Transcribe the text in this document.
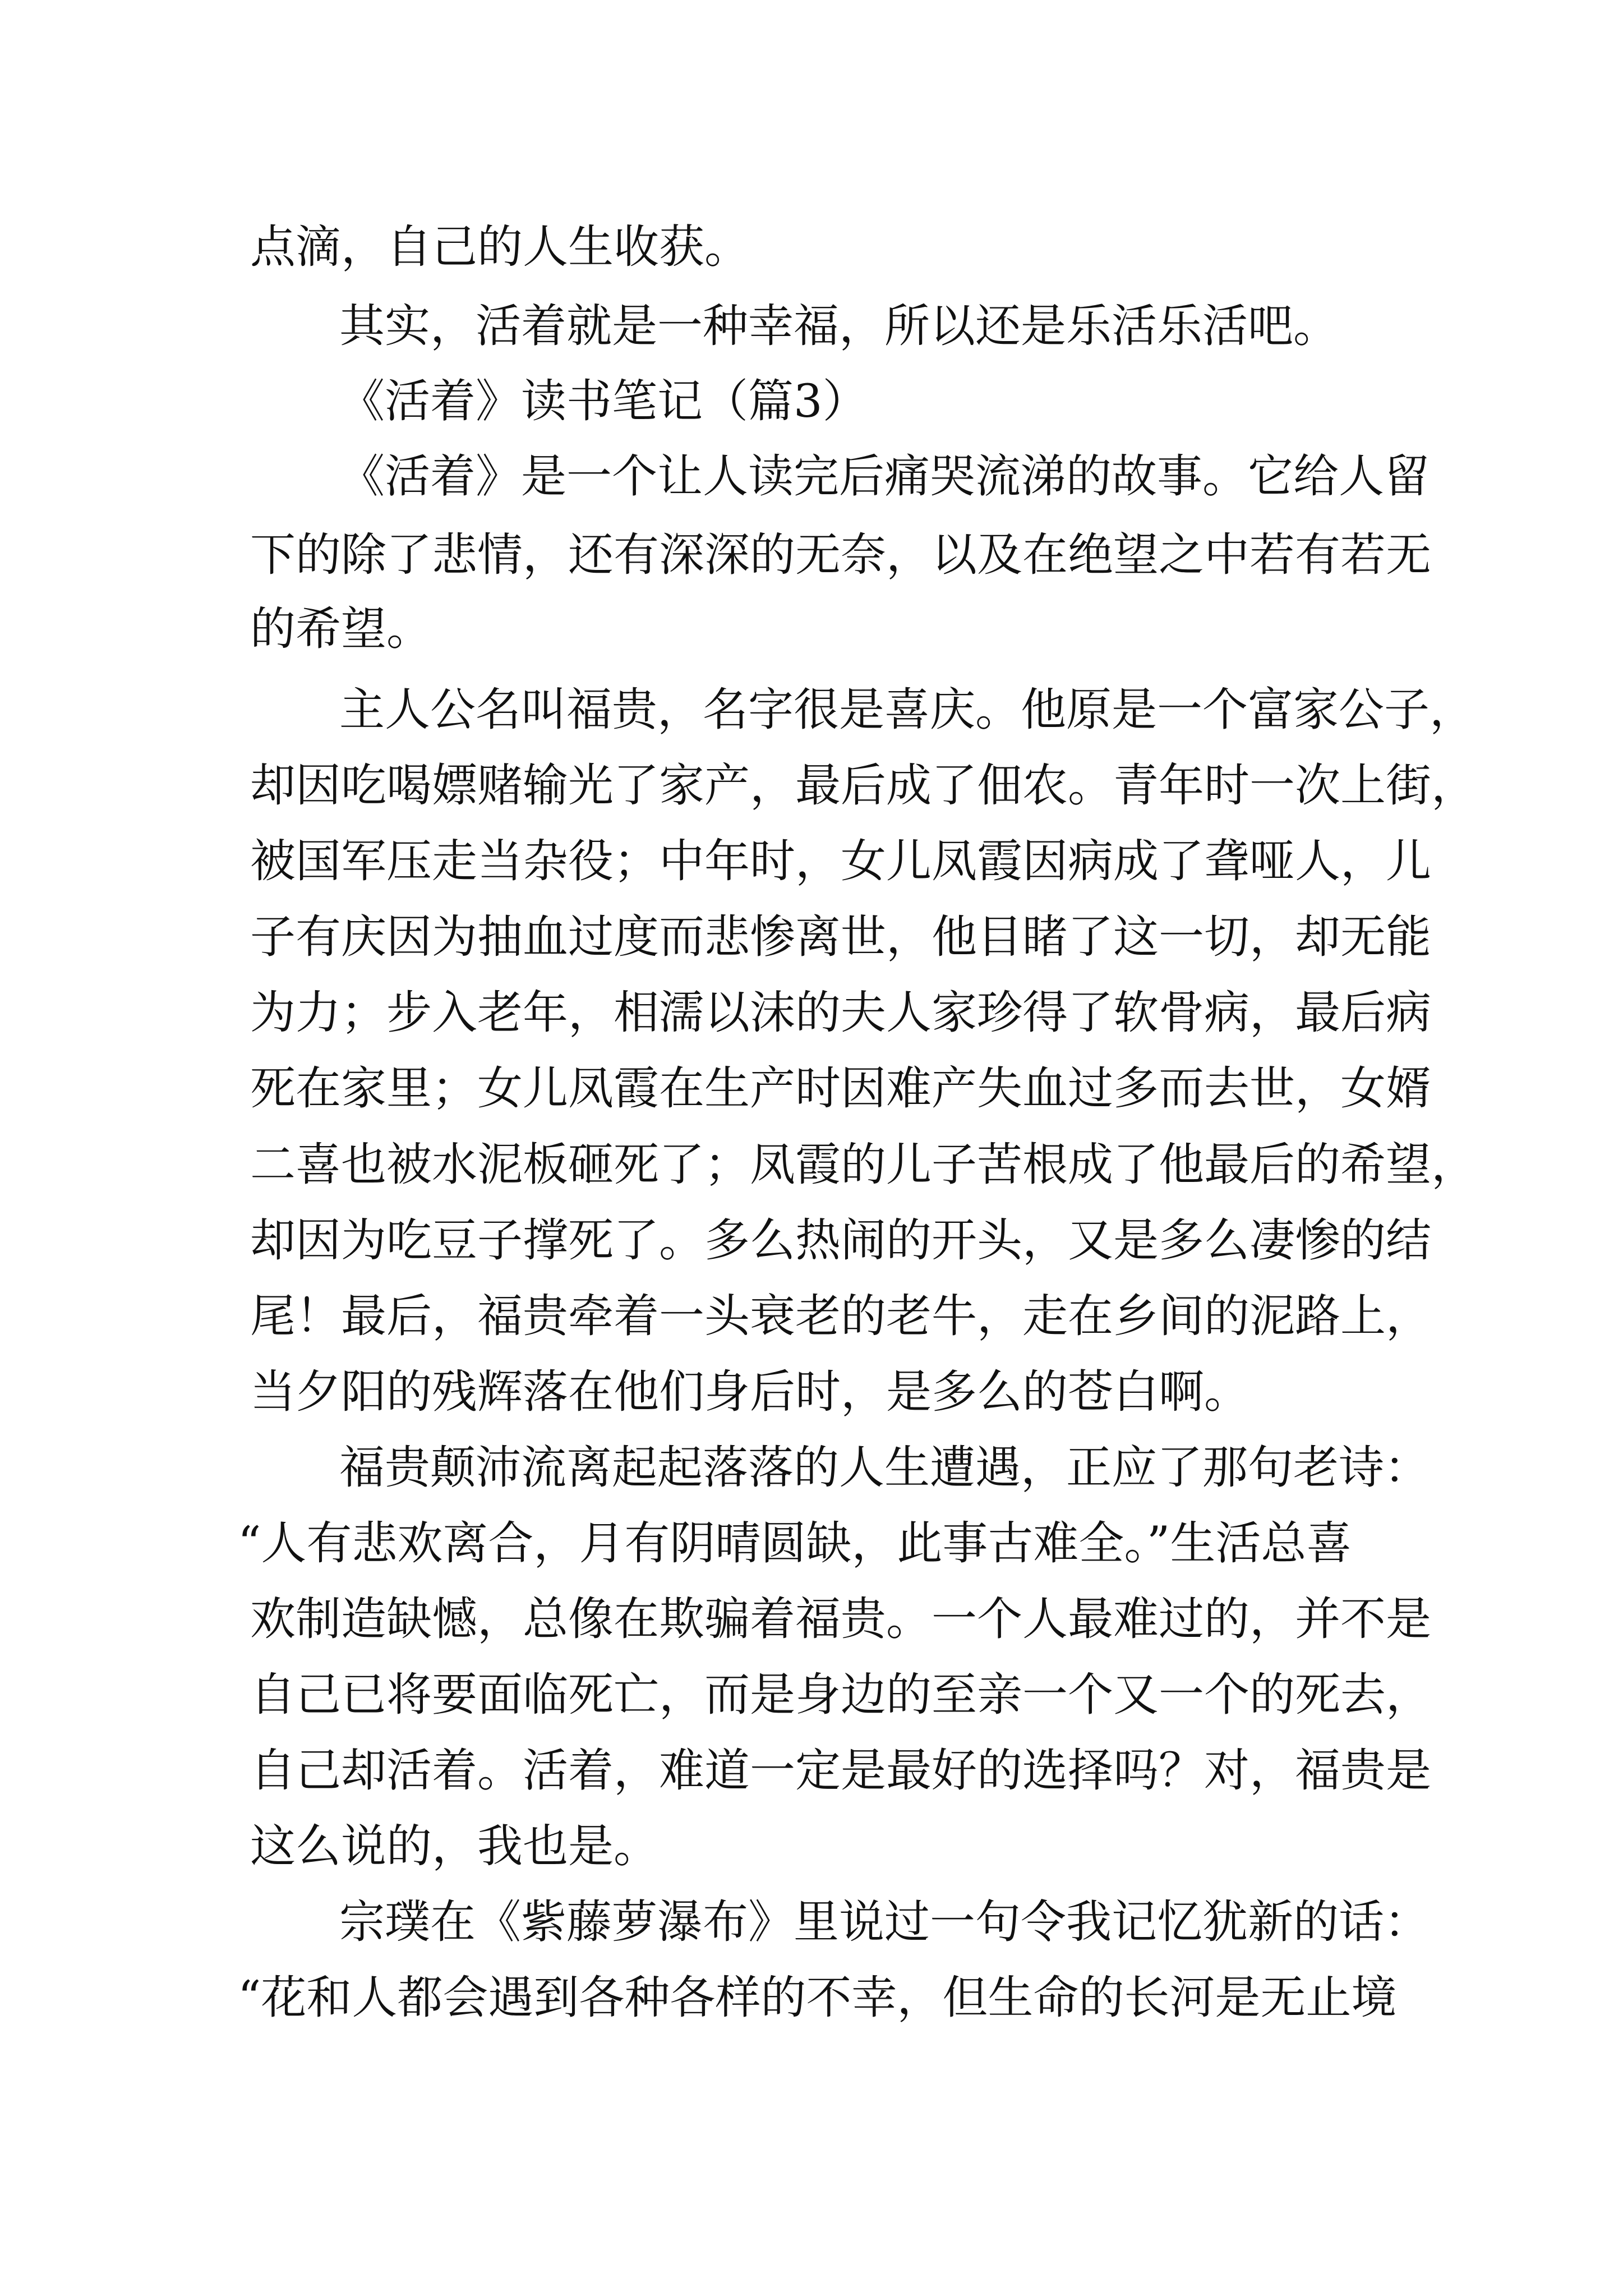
点滴，自己的人生收获。
其实，活着就是一种幸福，所以还是乐活乐活吧。
《活着》读书笔记（篇3）
《活着》是一个让人读完后痛哭流涕的故事。它给人留
下的除了悲情，还有深深的无奈，以及在绝望之中若有若无
的希望。
主人公名叫福贵，名字很是喜庆。他原是一个富家公子，
却因吃喝嫖赌输光了家产，最后成了佃农。青年时一次上街，
被国军压走当杂役；中年时，女儿凤霞因病成了聋哑人，儿
子有庆因为抽血过度而悲惨离世，他目睹了这一切，却无能
为力；步入老年，相濡以沫的夫人家珍得了软骨病，最后病
死在家里；女儿凤霞在生产时因难产失血过多而去世，女婿
二喜也被水泥板砸死了；凤霞的儿子苦根成了他最后的希望，
却因为吃豆子撑死了。多么热闹的开头，又是多么凄惨的结
尾！最后，福贵牵着一头衰老的老牛，走在乡间的泥路上，
当夕阳的残辉落在他们身后时，是多么的苍白啊。
福贵颠沛流离起起落落的人生遭遇，正应了那句老诗：
“人有悲欢离合，月有阴晴圆缺，此事古难全。”生活总喜
欢制造缺憾，总像在欺骗着福贵。一个人最难过的，并不是
自己已将要面临死亡，而是身边的至亲一个又一个的死去，
自己却活着。活着，难道一定是最好的选择吗？对，福贵是
这么说的，我也是。
宗璞在《紫藤萝瀑布》里说过一句令我记忆犹新的话：
“花和人都会遇到各种各样的不幸，但生命的长河是无止境
